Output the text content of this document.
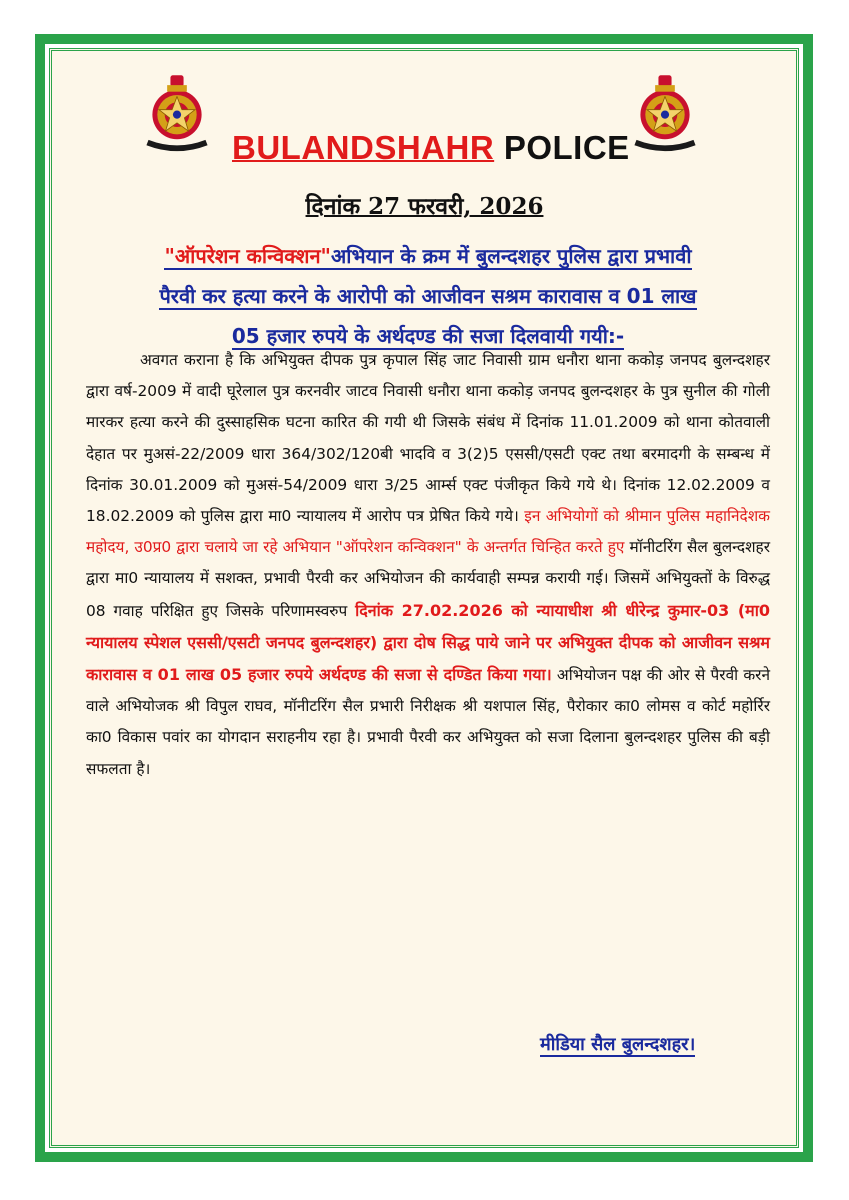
BULANDSHAHR POLICE
दिनांक 27 फरवरी, 2026
"ऑपरेशन कन्विक्शन"अभियान के क्रम में बुलन्दशहर पुलिस द्वारा प्रभावी
पैरवी कर हत्या करने के आरोपी को आजीवन सश्रम कारावास व 01 लाख
05 हजार रुपये के अर्थदण्ड की सजा दिलवायी गयी:-

अवगत कराना है कि अभियुक्त दीपक पुत्र कृपाल सिंह जाट निवासी ग्राम धनौरा थाना ककोड़ जनपद बुलन्दशहर द्वारा वर्ष-2009 में वादी घूरेलाल पुत्र करनवीर जाटव निवासी धनौरा थाना ककोड़ जनपद बुलन्दशहर के पुत्र सुनील की गोली मारकर हत्या करने की दुस्साहसिक घटना कारित की गयी थी जिसके संबंध में दिनांक 11.01.2009 को थाना कोतवाली देहात पर मुअसं-22/2009 धारा 364/302/120बी भादवि व 3(2)5 एससी/एसटी एक्ट तथा बरमादगी के सम्बन्ध में दिनांक 30.01.2009 को मुअसं-54/2009 धारा 3/25 आर्म्स एक्ट पंजीकृत किये गये थे। दिनांक 12.02.2009 व 18.02.2009 को पुलिस द्वारा मा0 न्यायालय में आरोप पत्र प्रेषित किये गये। इन अभियोगों को श्रीमान पुलिस महानिदेशक महोदय, उ0प्र0 द्वारा चलाये जा रहे अभियान "ऑपरेशन कन्विक्शन" के अन्तर्गत चिन्हित करते हुए मॉनीटरिंग सैल बुलन्दशहर द्वारा मा0 न्यायालय में सशक्त, प्रभावी पैरवी कर अभियोजन की कार्यवाही सम्पन्न करायी गई। जिसमें अभियुक्तों के विरुद्ध 08 गवाह परिक्षित हुए जिसके परिणामस्वरुप दिनांक 27.02.2026 को न्यायाधीश श्री धीरेन्द्र कुमार-03 (मा0 न्यायालय स्पेशल एससी/एसटी जनपद बुलन्दशहर) द्वारा दोष सिद्ध पाये जाने पर अभियुक्त दीपक को आजीवन सश्रम कारावास व 01 लाख 05 हजार रुपये अर्थदण्ड की सजा से दण्डित किया गया। अभियोजन पक्ष की ओर से पैरवी करने वाले अभियोजक श्री विपुल राघव, मॉनीटरिंग सैल प्रभारी निरीक्षक श्री यशपाल सिंह, पैरोकार का0 लोमस व कोर्ट महोर्रिर का0 विकास पवांर का योगदान सराहनीय रहा है। प्रभावी पैरवी कर अभियुक्त को सजा दिलाना बुलन्दशहर पुलिस की बड़ी सफलता है।

मीडिया सैल बुलन्दशहर।
